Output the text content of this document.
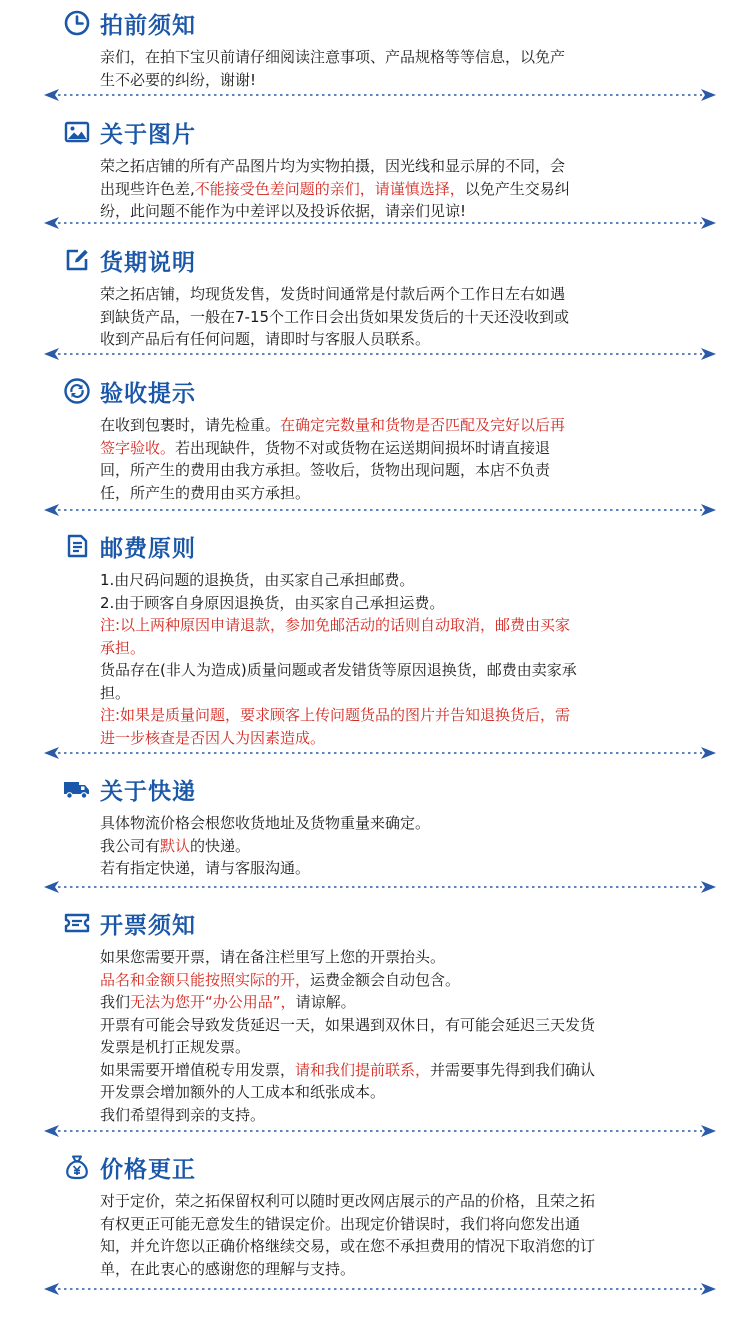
拍前须知
亲们，在拍下宝贝前请仔细阅读注意事项、产品规格等等信息，以免产
生不必要的纠纷，谢谢!
关于图片
荣之拓店铺的所有产品图片均为实物拍摄，因光线和显示屏的不同，会
出现些许色差,不能接受色差问题的亲们，请谨慎选择，以免产生交易纠
纷，此问题不能作为中差评以及投诉依据，请亲们见谅!
货期说明
荣之拓店铺，均现货发售，发货时间通常是付款后两个工作日左右如遇
到缺货产品，一般在7-15个工作日会出货如果发货后的十天还没收到或
收到产品后有任何问题，请即时与客服人员联系。
验收提示
在收到包裹时，请先检重。在确定完数量和货物是否匹配及完好以后再
签字验收。若出现缺件，货物不对或货物在运送期间损坏时请直接退
回，所产生的费用由我方承担。签收后，货物出现问题，本店不负责
任，所产生的费用由买方承担。
邮费原则
1.由尺码问题的退换货，由买家自己承担邮费。
2.由于顾客自身原因退换货，由买家自己承担运费。
注:以上两种原因申请退款，参加免邮活动的话则自动取消，邮费由买家
承担。
货品存在(非人为造成)质量问题或者发错货等原因退换货，邮费由卖家承
担。
注:如果是质量问题，要求顾客上传问题货品的图片并告知退换货后，需
进一步核查是否因人为因素造成。
关于快递
具体物流价格会根您收货地址及货物重量来确定。
我公司有默认的快递。
若有指定快递，请与客服沟通。
开票须知
如果您需要开票，请在备注栏里写上您的开票抬头。
品名和金额只能按照实际的开，运费金额会自动包含。
我们无法为您开“办公用品”，请谅解。
开票有可能会导致发货延迟一天，如果遇到双休日，有可能会延迟三天发货
发票是机打正规发票。
如果需要开增值税专用发票，请和我们提前联系，并需要事先得到我们确认
开发票会增加额外的人工成本和纸张成本。
我们希望得到亲的支持。
价格更正
对于定价，荣之拓保留权利可以随时更改网店展示的产品的价格，且荣之拓
有权更正可能无意发生的错误定价。出现定价错误时，我们将向您发出通
知，并允许您以正确价格继续交易，或在您不承担费用的情况下取消您的订
单，在此衷心的感谢您的理解与支持。
